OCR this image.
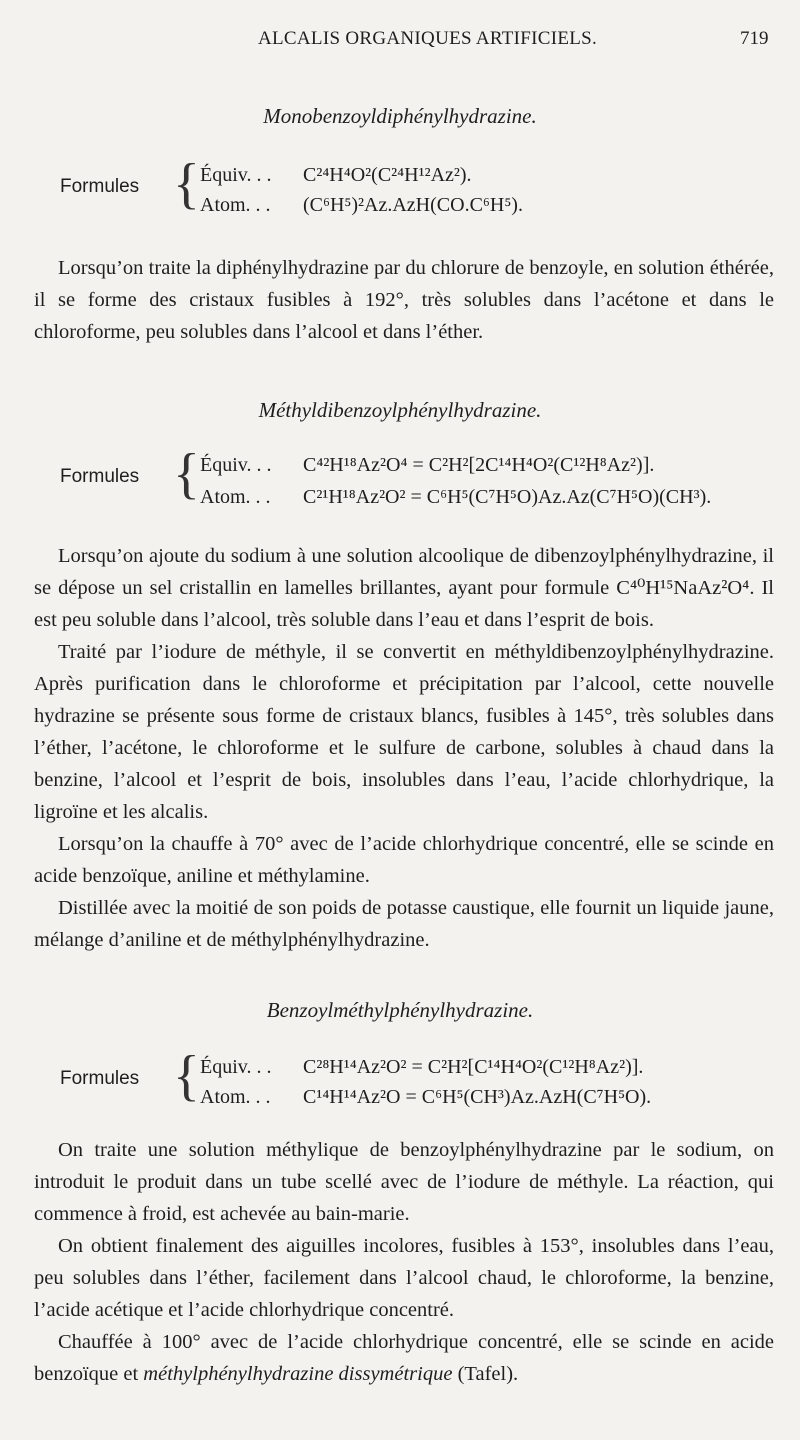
ALCALIS ORGANIQUES ARTIFICIELS.	719
Monobenzoyldiphénylhydrazine.
Formules { Équiv. . . C²⁴H⁴O²(C²⁴H¹²Az²).
Atom. . . (C⁶H⁵)²Az.AzH(CO.C⁶H⁵).

Lorsqu’on traite la diphénylhydrazine par du chlorure de benzoyle, en solution éthérée, il se forme des cristaux fusibles à 192°, très solubles dans l’acétone et dans le chloroforme, peu solubles dans l’alcool et dans l’éther.

Méthyldibenzoylphénylhydrazine.
Formules { Équiv. . . C⁴²H¹⁸Az²O⁴ = C²H²[2C¹⁴H⁴O²(C¹²H⁸Az²)].
Atom. . . C²¹H¹⁸Az²O² = C⁶H⁵(C⁷H⁵O)Az.Az(C⁷H⁵O)(CH³).

Lorsqu’on ajoute du sodium à une solution alcoolique de dibenzoylphénylhydrazine, il se dépose un sel cristallin en lamelles brillantes, ayant pour formule C⁴⁰H¹⁵NaAz²O⁴. Il est peu soluble dans l’alcool, très soluble dans l’eau et dans l’esprit de bois.

Traité par l’iodure de méthyle, il se convertit en méthyldibenzoylphénylhydrazine. Après purification dans le chloroforme et précipitation par l’alcool, cette nouvelle hydrazine se présente sous forme de cristaux blancs, fusibles à 145°, très solubles dans l’éther, l’acétone, le chloroforme et le sulfure de carbone, solubles à chaud dans la benzine, l’alcool et l’esprit de bois, insolubles dans l’eau, l’acide chlorhydrique, la ligroïne et les alcalis.

Lorsqu’on la chauffe à 70° avec de l’acide chlorhydrique concentré, elle se scinde en acide benzoïque, aniline et méthylamine.

Distillée avec la moitié de son poids de potasse caustique, elle fournit un liquide jaune, mélange d’aniline et de méthylphénylhydrazine.

Benzoylméthylphénylhydrazine.
Formules { Équiv. . . C²⁸H¹⁴Az²O² = C²H²[C¹⁴H⁴O²(C¹²H⁸Az²)].
Atom. . . C¹⁴H¹⁴Az²O = C⁶H⁵(CH³)Az.AzH(C⁷H⁵O).

On traite une solution méthylique de benzoylphénylhydrazine par le sodium, on introduit le produit dans un tube scellé avec de l’iodure de méthyle. La réaction, qui commence à froid, est achevée au bain-marie.

On obtient finalement des aiguilles incolores, fusibles à 153°, insolubles dans l’eau, peu solubles dans l’éther, facilement dans l’alcool chaud, le chloroforme, la benzine, l’acide acétique et l’acide chlorhydrique concentré.

Chauffée à 100° avec de l’acide chlorhydrique concentré, elle se scinde en acide benzoïque et méthylphénylhydrazine dissymétrique (Tafel).
